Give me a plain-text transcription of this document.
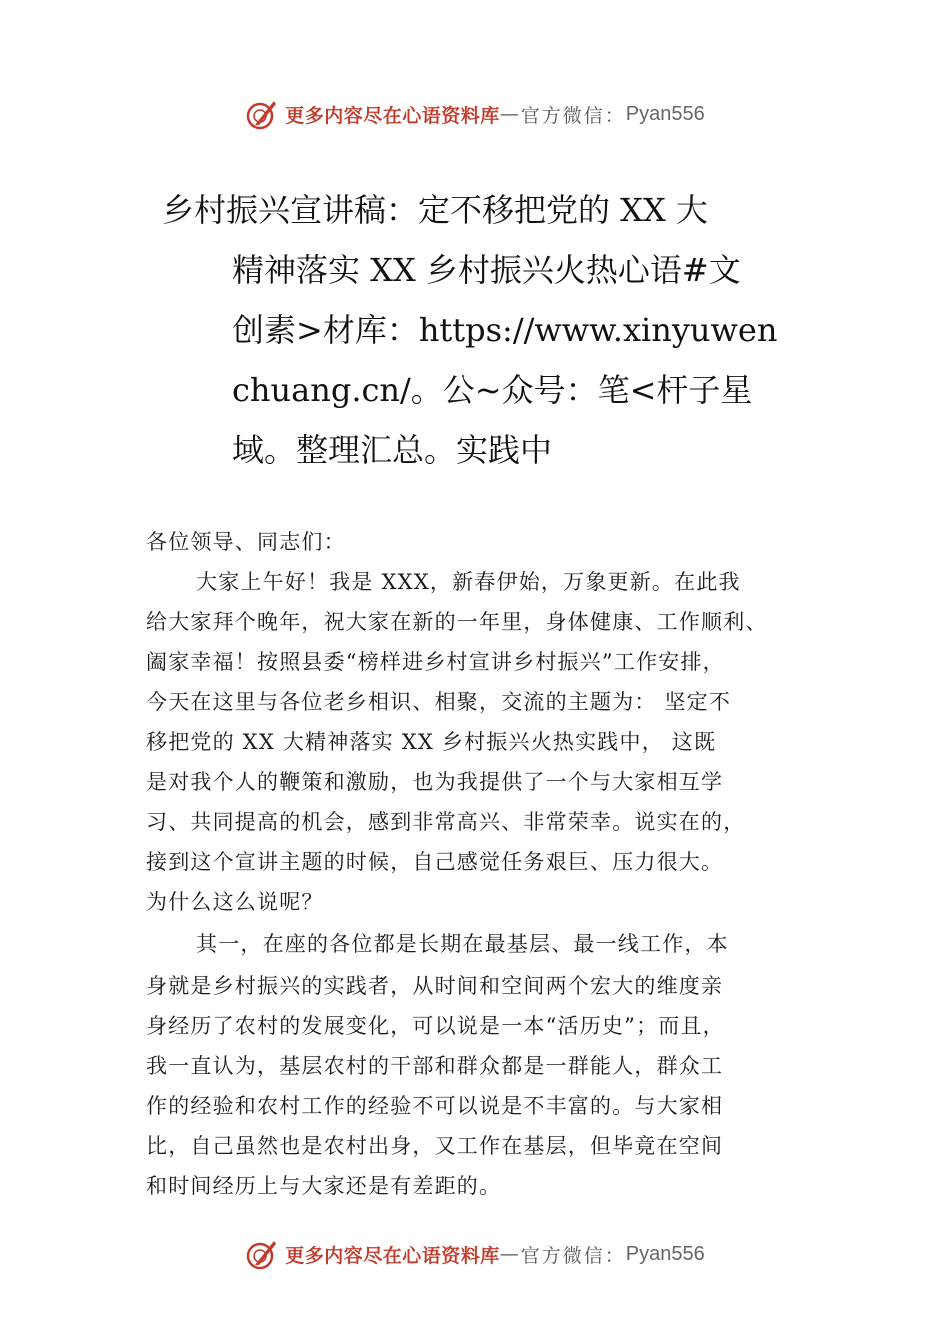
更多内容尽在心语资料库 — 官方微信： Pyan556
乡村振兴宣讲稿：定不移把党的 XX 大
精神落实 XX 乡村振兴火热心语#文
创素>材库：https://www.xinyuwen
chuang.cn/。公~众号：笔<杆子星
域。整理汇总。实践中
各位领导、同志们：
大家上午好！我是 XXX，新春伊始，万象更新。在此我
给大家拜个晚年，祝大家在新的一年里，身体健康、工作顺利、
阖家幸福！按照县委“榜样进乡村宣讲乡村振兴”工作安排，
今天在这里与各位老乡相识、相聚，交流的主题为： 坚定不
移把党的 XX 大精神落实 XX 乡村振兴火热实践中， 这既
是对我个人的鞭策和激励，也为我提供了一个与大家相互学
习、共同提高的机会，感到非常高兴、非常荣幸。说实在的，
接到这个宣讲主题的时候，自己感觉任务艰巨、压力很大。
为什么这么说呢？
其一，在座的各位都是长期在最基层、最一线工作，本
身就是乡村振兴的实践者，从时间和空间两个宏大的维度亲
身经历了农村的发展变化，可以说是一本“活历史”；而且，
我一直认为，基层农村的干部和群众都是一群能人，群众工
作的经验和农村工作的经验不可以说是不丰富的。与大家相
比，自己虽然也是农村出身，又工作在基层，但毕竟在空间
和时间经历上与大家还是有差距的。
更多内容尽在心语资料库 — 官方微信： Pyan556
